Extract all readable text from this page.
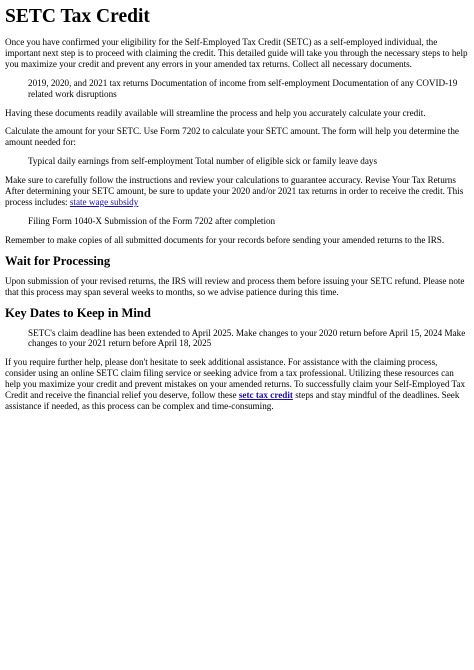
SETC Tax Credit

Once you have confirmed your eligibility for the Self-Employed Tax Credit (SETC) as a self-employed individual, the important next step is to proceed with claiming the credit. This detailed guide will take you through the necessary steps to help you maximize your credit and prevent any errors in your amended tax returns. Collect all necessary documents.

2019, 2020, and 2021 tax returns Documentation of income from self-employment Documentation of any COVID-19 related work disruptions

Having these documents readily available will streamline the process and help you accurately calculate your credit.

Calculate the amount for your SETC. Use Form 7202 to calculate your SETC amount. The form will help you determine the amount needed for:

Typical daily earnings from self-employment Total number of eligible sick or family leave days

Make sure to carefully follow the instructions and review your calculations to guarantee accuracy. Revise Your Tax Returns After determining your SETC amount, be sure to update your 2020 and/or 2021 tax returns in order to receive the credit. This process includes: state wage subsidy

Filing Form 1040-X Submission of the Form 7202 after completion

Remember to make copies of all submitted documents for your records before sending your amended returns to the IRS.

Wait for Processing

Upon submission of your revised returns, the IRS will review and process them before issuing your SETC refund. Please note that this process may span several weeks to months, so we advise patience during this time.

Key Dates to Keep in Mind

SETC's claim deadline has been extended to April 2025. Make changes to your 2020 return before April 15, 2024 Make changes to your 2021 return before April 18, 2025

If you require further help, please don't hesitate to seek additional assistance. For assistance with the claiming process, consider using an online SETC claim filing service or seeking advice from a tax professional. Utilizing these resources can help you maximize your credit and prevent mistakes on your amended returns. To successfully claim your Self-Employed Tax Credit and receive the financial relief you deserve, follow these setc tax credit steps and stay mindful of the deadlines. Seek assistance if needed, as this process can be complex and time-consuming.
